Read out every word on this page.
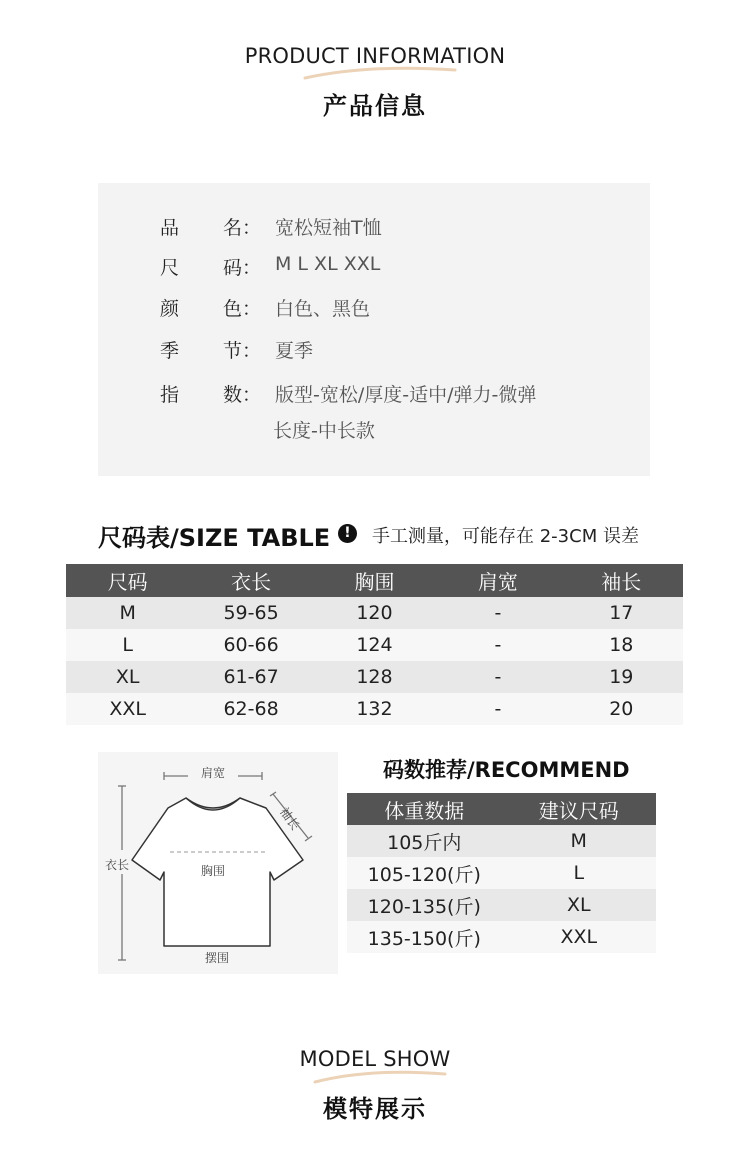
PRODUCT INFORMATION
产品信息
品 名： 宽松短袖T恤
尺 码： M L XL XXL
颜 色： 白色、黑色
季 节： 夏季
指 数： 版型-宽松/厚度-适中/弹力-微弹
长度-中长款
尺码表/SIZE TABLE	!	手工测量，可能存在 2-3CM 误差
尺码	衣长	胸围	肩宽	袖长
M	59-65	120	-	17
L	60-66	124	-	18
XL	61-67	128	-	19
XXL	62-68	132	-	20
肩宽
袖长
衣长	胸围
摆围
码数推荐/RECOMMEND
体重数据	建议尺码
105斤内	M
105-120(斤)	L
120-135(斤)	XL
135-150(斤)	XXL
MODEL SHOW
模特展示
